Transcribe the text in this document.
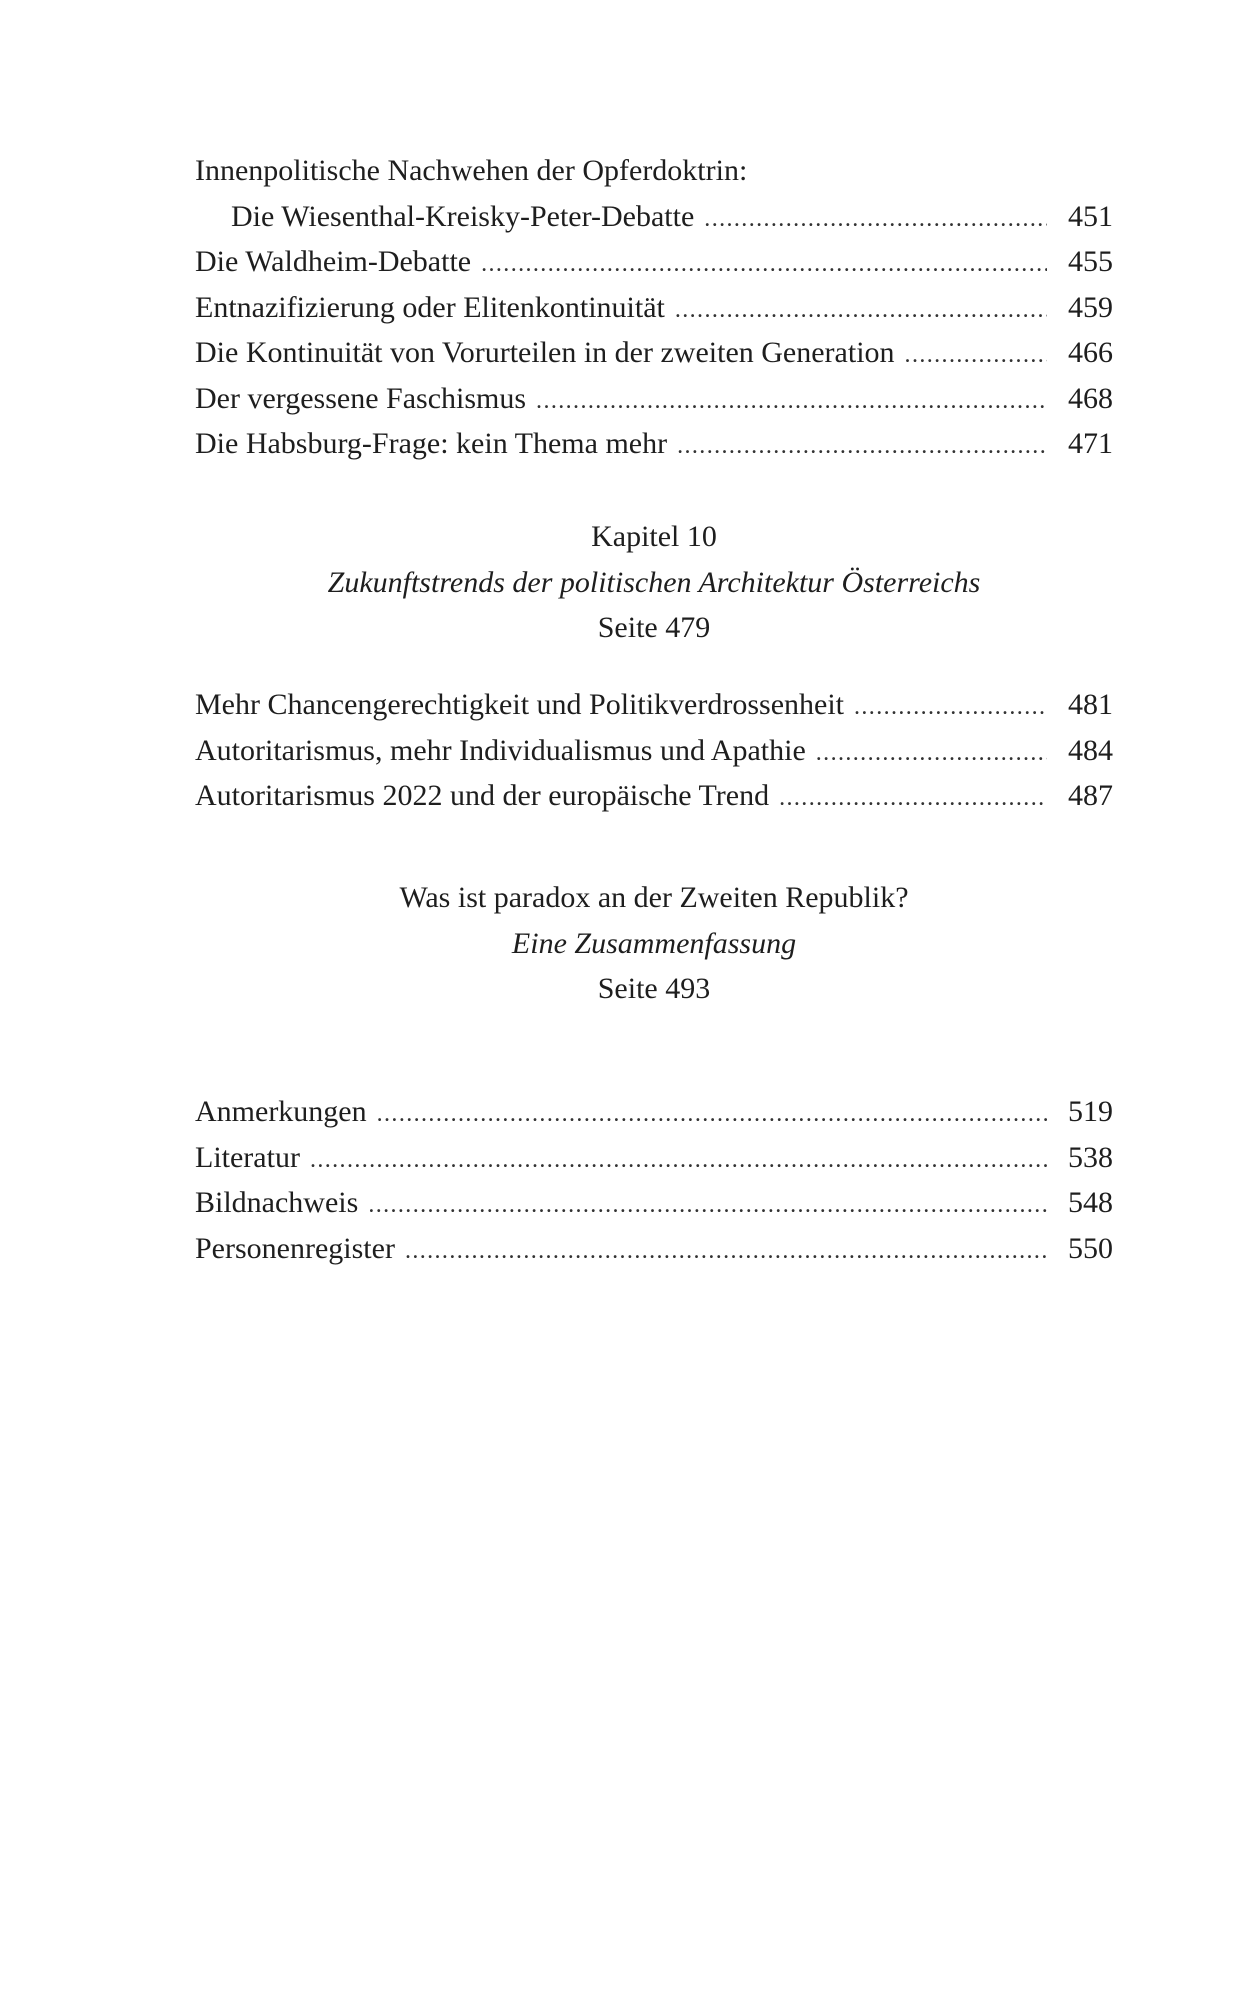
Innenpolitische Nachwehen der Opferdoktrin:
Die Wiesenthal-Kreisky-Peter-Debatte .....	451
Die Waldheim-Debatte .....	455
Entnazifizierung oder Elitenkontinuität .....	459
Die Kontinuität von Vorurteilen in der zweiten Generation .....	466
Der vergessene Faschismus .....	468
Die Habsburg-Frage: kein Thema mehr .....	471
Kapitel 10
Zukunftstrends der politischen Architektur Österreichs
Seite 479
Mehr Chancengerechtigkeit und Politikverdrossenheit .....	481
Autoritarismus, mehr Individualismus und Apathie .....	484
Autoritarismus 2022 und der europäische Trend .....	487
Was ist paradox an der Zweiten Republik?
Eine Zusammenfassung
Seite 493
Anmerkungen .....	519
Literatur .....	538
Bildnachweis .....	548
Personenregister .....	550
